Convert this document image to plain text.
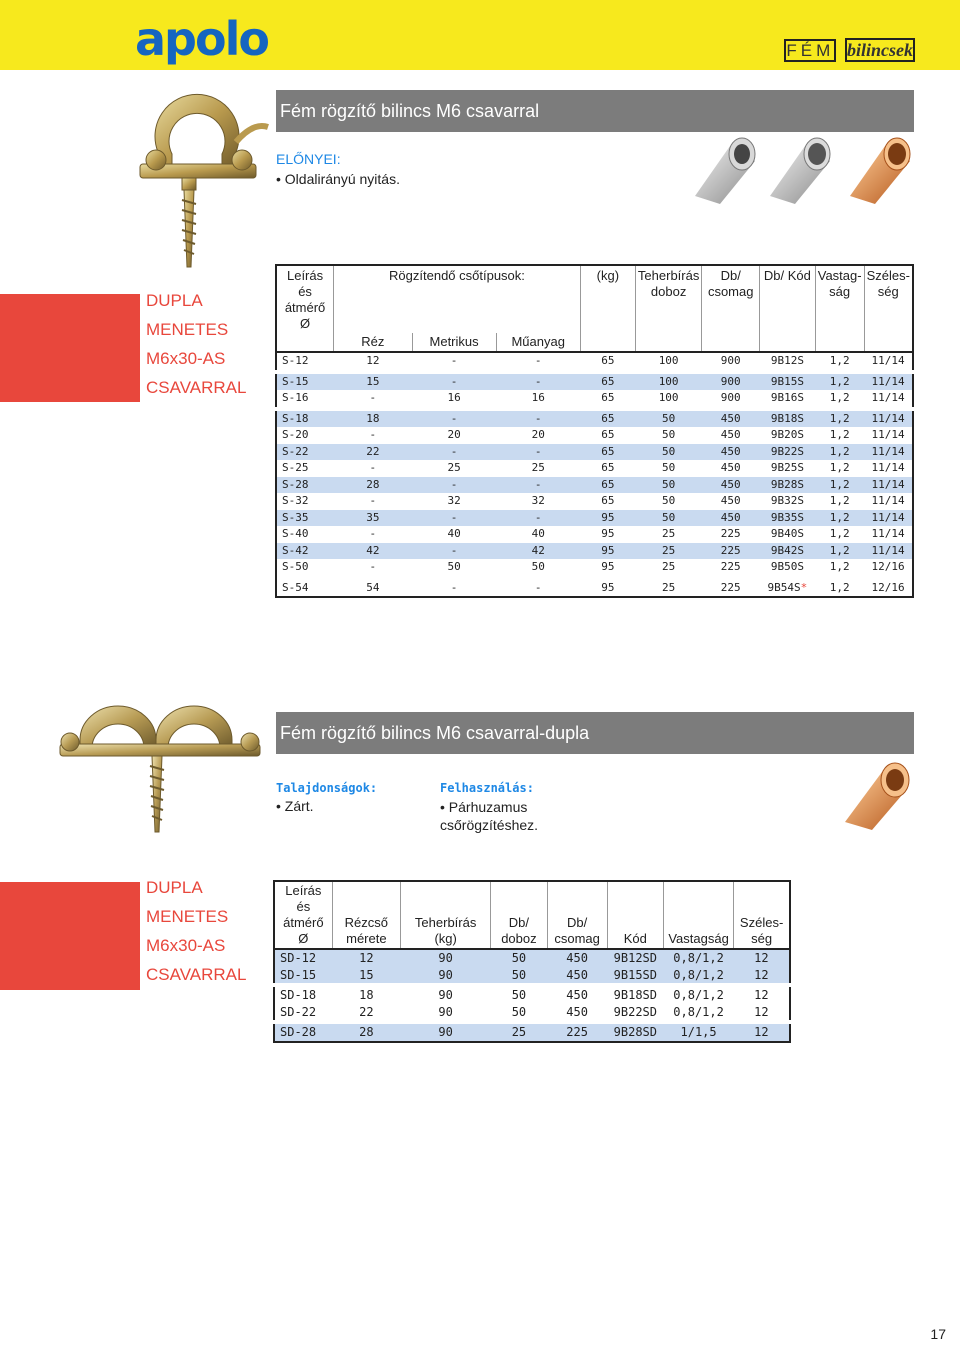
apolo	FÉM bilincsek
Fém rögzítő bilincs M6 csavarral
ELŐNYEI:
• Oldalirányú nyitás.
DUPLA
MENETES
M6x30-AS
CSAVARRAL
Leírás és átmérő Ø	Rögzítendő csőtípusok:			(kg)	Teherbírás doboz	Db/ csomag	Db/ Kód	Vastag- ság	Széles- ség
	Réz	Metrikus	Műanyag						
S-12	12	-	-	65	100	900	9B12S	1,2	11/14
S-15	15	-	-	65	100	900	9B15S	1,2	11/14
S-16	-	16	16	65	100	900	9B16S	1,2	11/14
S-18	18	-	-	65	50	450	9B18S	1,2	11/14
S-20	-	20	20	65	50	450	9B20S	1,2	11/14
S-22	22	-	-	65	50	450	9B22S	1,2	11/14
S-25	-	25	25	65	50	450	9B25S	1,2	11/14
S-28	28	-	-	65	50	450	9B28S	1,2	11/14
S-32	-	32	32	65	50	450	9B32S	1,2	11/14
S-35	35	-	-	95	50	450	9B35S	1,2	11/14
S-40	-	40	40	95	25	225	9B40S	1,2	11/14
S-42	42	-	42	95	25	225	9B42S	1,2	11/14
S-50	-	50	50	95	25	225	9B50S	1,2	12/16
S-54	54	-	-	95	25	225	9B54S*	1,2	12/16
Fém rögzítő bilincs M6 csavarral-dupla
Talajdonságok:
• Zárt.
Felhasználás:
• Párhuzamus csőrögzítéshez.
DUPLA
MENETES
M6x30-AS
CSAVARRAL
Leírás és átmérő Ø	Rézcső mérete	Teherbírás (kg)	Db/ doboz	Db/ csomag	Kód	Vastagság	Széles- ség
SD-12	12	90	50	450	9B12SD	0,8/1,2	12
SD-15	15	90	50	450	9B15SD	0,8/1,2	12
SD-18	18	90	50	450	9B18SD	0,8/1,2	12
SD-22	22	90	50	450	9B22SD	0,8/1,2	12
SD-28	28	90	25	225	9B28SD	1/1,5	12
17
